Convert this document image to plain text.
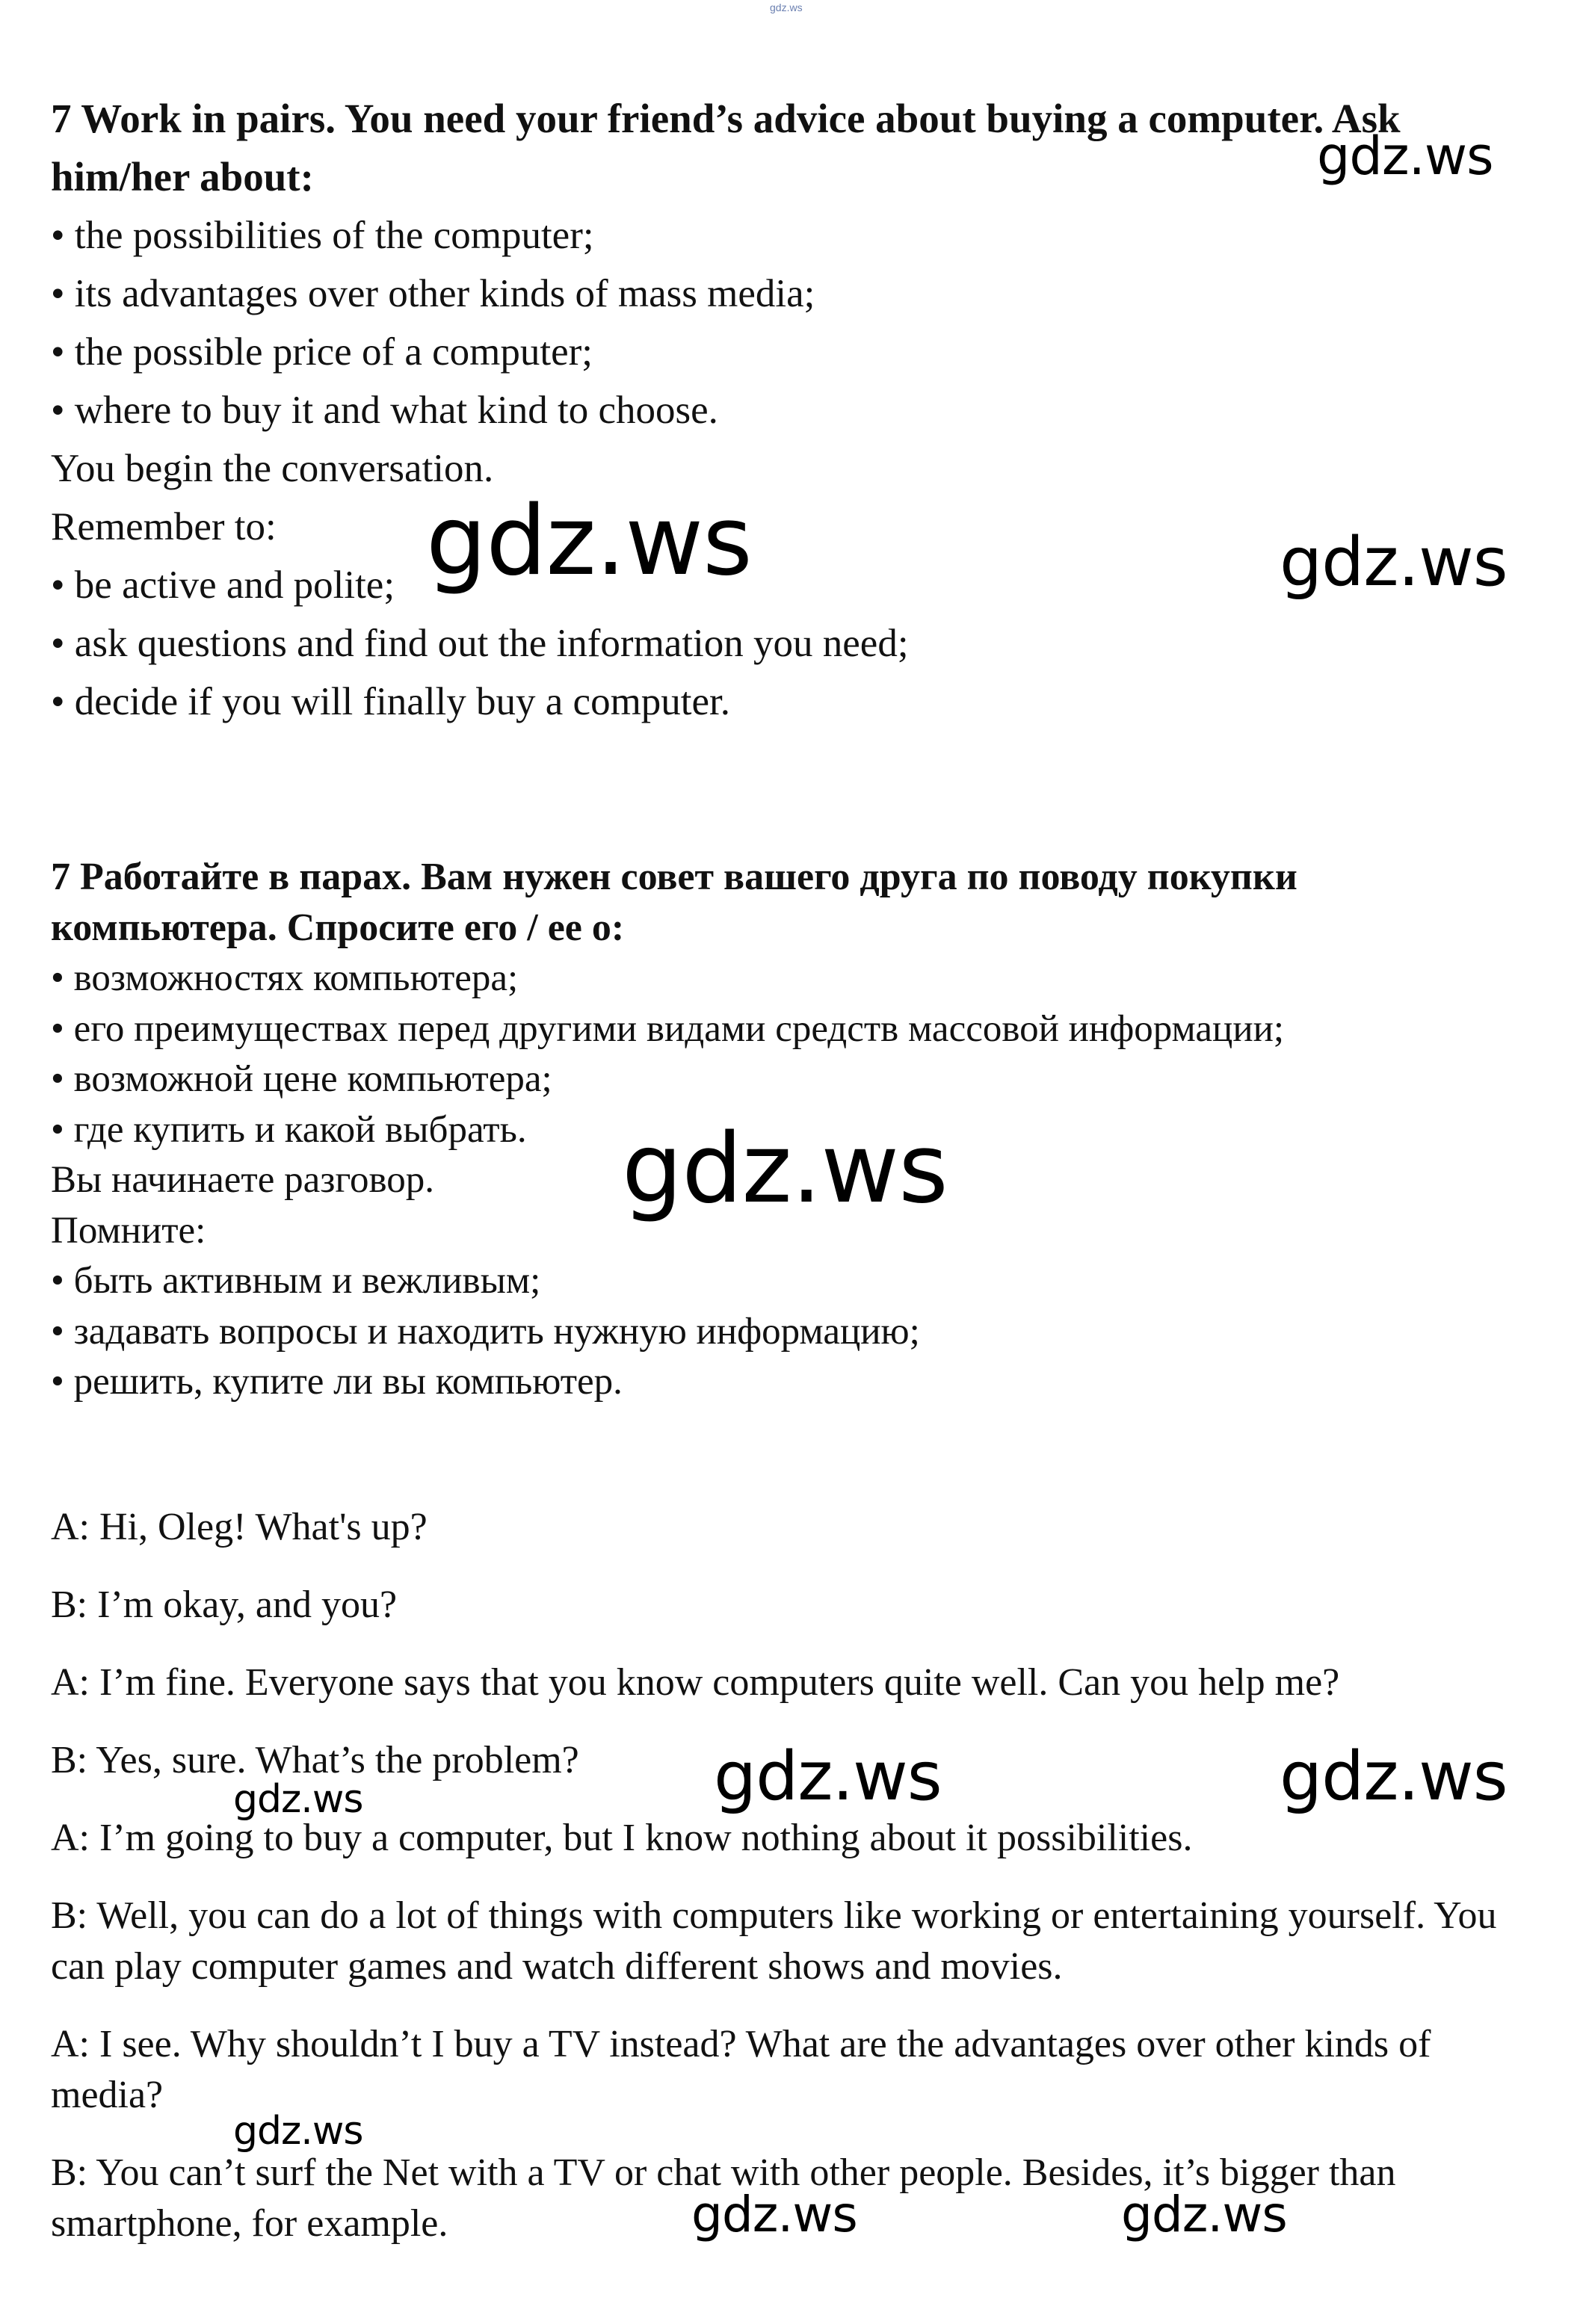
gdz.ws

7 Work in pairs. You need your friend’s advice about buying a computer. Ask him/her about:

• the possibilities of the computer;

• its advantages over other kinds of mass media;

• the possible price of a computer;

• where to buy it and what kind to choose.

You begin the conversation.

Remember to:

• be active and polite;

• ask questions and find out the information you need;

• decide if you will finally buy a computer.

7 Работайте в парах. Вам нужен совет вашего друга по поводу покупки компьютера. Спросите его / ее о:

• возможностях компьютера;

• его преимуществах перед другими видами средств массовой информации;

• возможной цене компьютера;

• где купить и какой выбрать.

Вы начинаете разговор.

Помните:

• быть активным и вежливым;

• задавать вопросы и находить нужную информацию;

• решить, купите ли вы компьютер.

A: Hi, Oleg! What's up?

B: I’m okay, and you?

A: I’m fine. Everyone says that you know computers quite well. Can you help me?

B: Yes, sure. What’s the problem?

A: I’m going to buy a computer, but I know nothing about it possibilities.

B: Well, you can do a lot of things with computers like working or entertaining yourself. You can play computer games and watch different shows and movies.

A: I see. Why shouldn’t I buy a TV instead? What are the advantages over other kinds of media?

B: You can’t surf the Net with a TV or chat with other people. Besides, it’s bigger than smartphone, for example.

gdz.ws
gdz.ws	gdz.ws
gdz.ws
gdz.ws	gdz.ws
gdz.ws
gdz.ws
gdz.ws	gdz.ws
